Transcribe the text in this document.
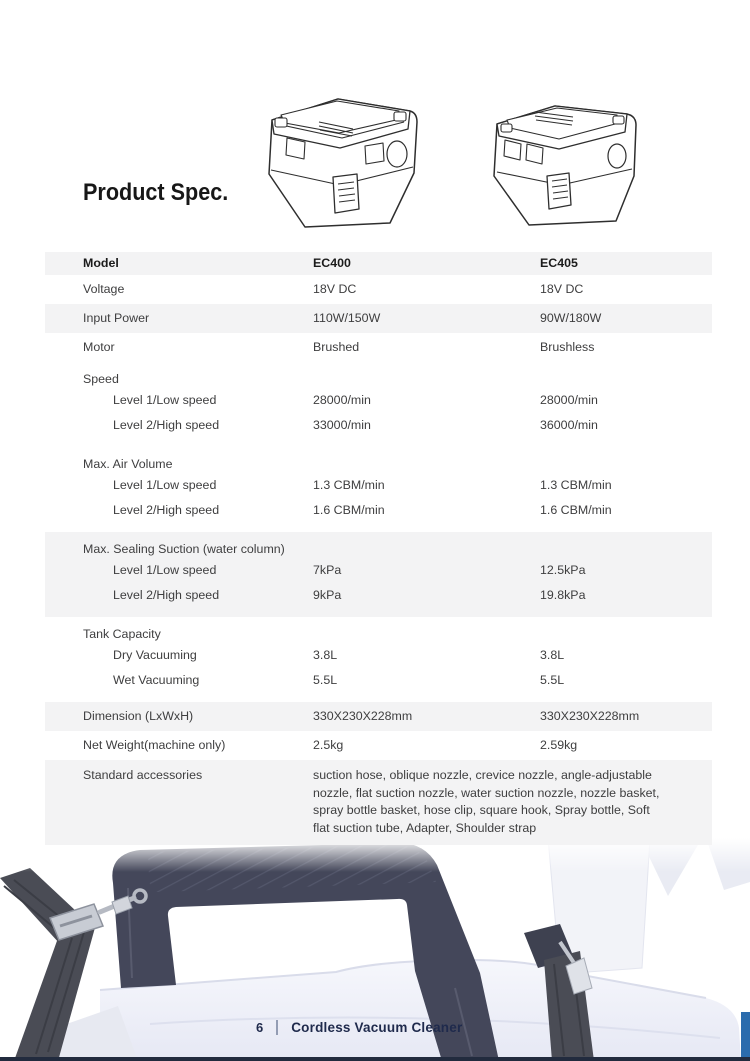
Product Spec.
Model	EC400	EC405
Voltage	18V DC	18V DC
Input Power	110W/150W	90W/180W
Motor	Brushed	Brushless
Speed
Level 1/Low speed	28000/min	28000/min
Level 2/High speed	33000/min	36000/min
Max. Air Volume
Level 1/Low speed	1.3 CBM/min	1.3 CBM/min
Level 2/High speed	1.6 CBM/min	1.6 CBM/min
Max. Sealing Suction (water column)
Level 1/Low speed	7kPa	12.5kPa
Level 2/High speed	9kPa	19.8kPa
Tank Capacity
Dry Vacuuming	3.8L	3.8L
Wet Vacuuming	5.5L	5.5L
Dimension (LxWxH)	330X230X228mm	330X230X228mm
Net Weight(machine only)	2.5kg	2.59kg
Standard accessories	suction hose, oblique nozzle, crevice nozzle, angle-adjustable nozzle, flat suction nozzle, water suction nozzle, nozzle basket, spray bottle basket, hose clip, square hook, Spray bottle, Soft flat suction tube, Adapter, Shoulder strap
6 Cordless Vacuum Cleaner
